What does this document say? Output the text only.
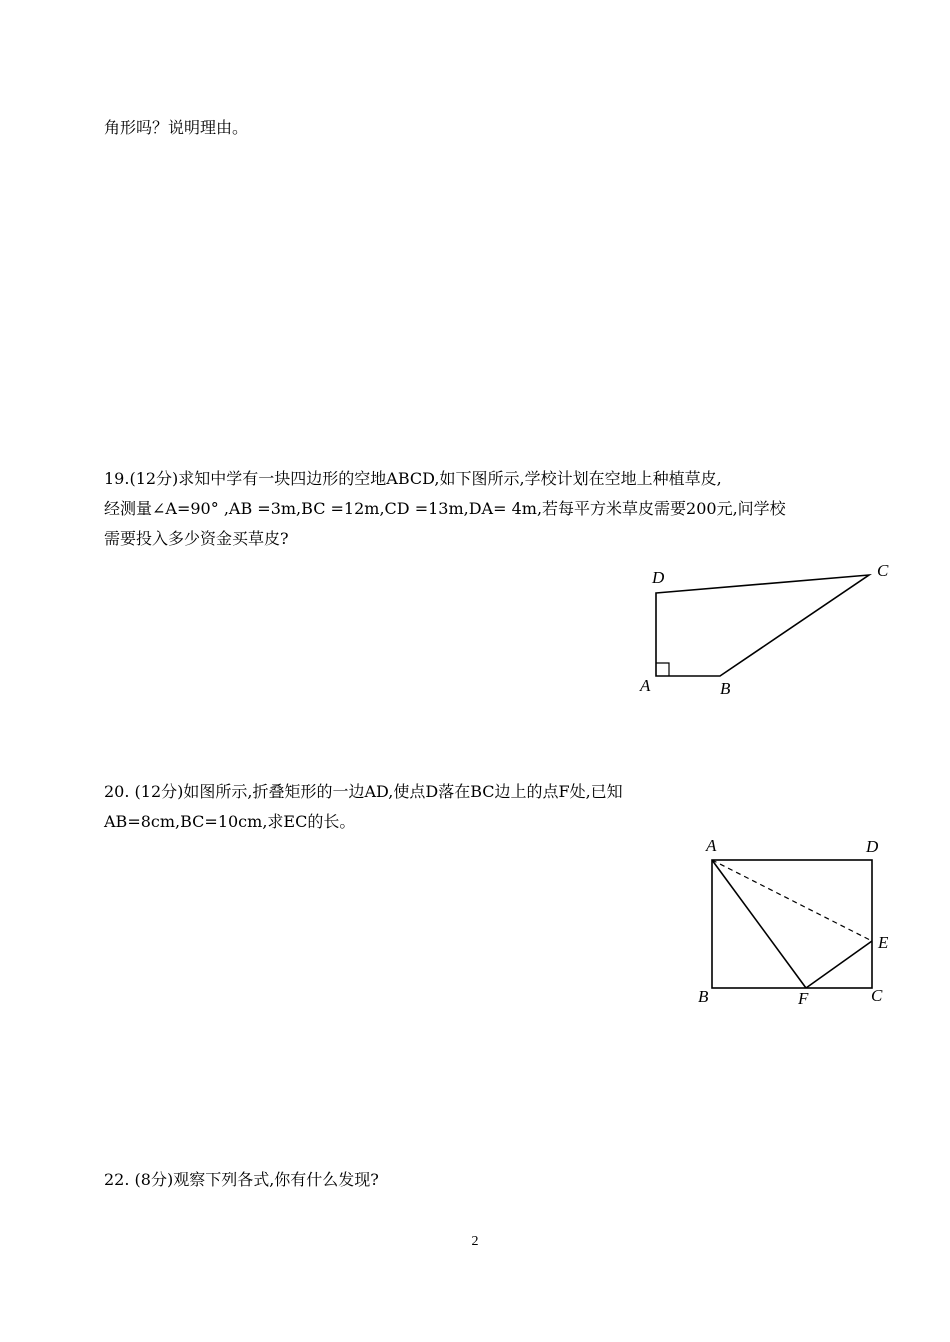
角形吗？说明理由。
19.(12分)求知中学有一块四边形的空地ABCD,如下图所示,学校计划在空地上种植草皮,
经测量∠A=90° ,AB =3m,BC =12m,CD =13m,DA= 4m,若每平方米草皮需要200元,问学校
需要投入多少资金买草皮?
D	C
A	B
20. (12分)如图所示,折叠矩形的一边AD,使点D落在BC边上的点F处,已知
AB=8cm,BC=10cm,求EC的长。
A	D
E
B	F	C
22. (8分)观察下列各式,你有什么发现?
2
